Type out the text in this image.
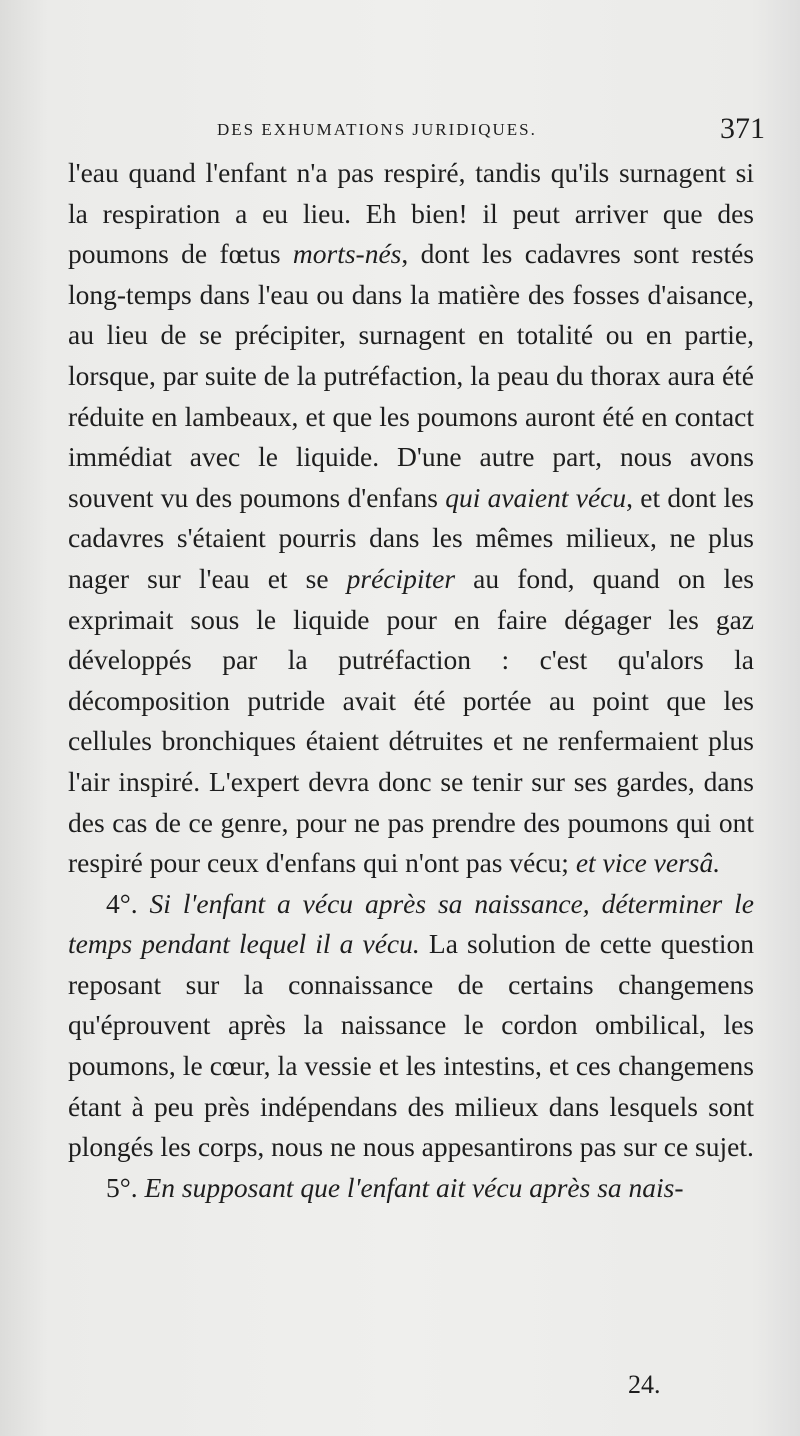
DES EXHUMATIONS JURIDIQUES.	371

l'eau quand l'enfant n'a pas respiré, tandis qu'ils surnagent si la respiration a eu lieu. Eh bien! il peut arriver que des poumons de fœtus morts-nés, dont les cadavres sont restés long-temps dans l'eau ou dans la matière des fosses d'aisance, au lieu de se précipiter, surnagent en totalité ou en partie, lorsque, par suite de la putréfaction, la peau du thorax aura été réduite en lambeaux, et que les poumons auront été en contact immédiat avec le liquide. D'une autre part, nous avons souvent vu des poumons d'enfans qui avaient vécu, et dont les cadavres s'étaient pourris dans les mêmes milieux, ne plus nager sur l'eau et se précipiter au fond, quand on les exprimait sous le liquide pour en faire dégager les gaz développés par la putréfaction : c'est qu'alors la décomposition putride avait été portée au point que les cellules bronchiques étaient détruites et ne renfermaient plus l'air inspiré. L'expert devra donc se tenir sur ses gardes, dans des cas de ce genre, pour ne pas prendre des poumons qui ont respiré pour ceux d'enfans qui n'ont pas vécu; et vice versâ.

4°. Si l'enfant a vécu après sa naissance, déterminer le temps pendant lequel il a vécu. La solution de cette question reposant sur la connaissance de certains changemens qu'éprouvent après la naissance le cordon ombilical, les poumons, le cœur, la vessie et les intestins, et ces changemens étant à peu près indépendans des milieux dans lesquels sont plongés les corps, nous ne nous appesantirons pas sur ce sujet.

5°. En supposant que l'enfant ait vécu après sa nais-

24.
